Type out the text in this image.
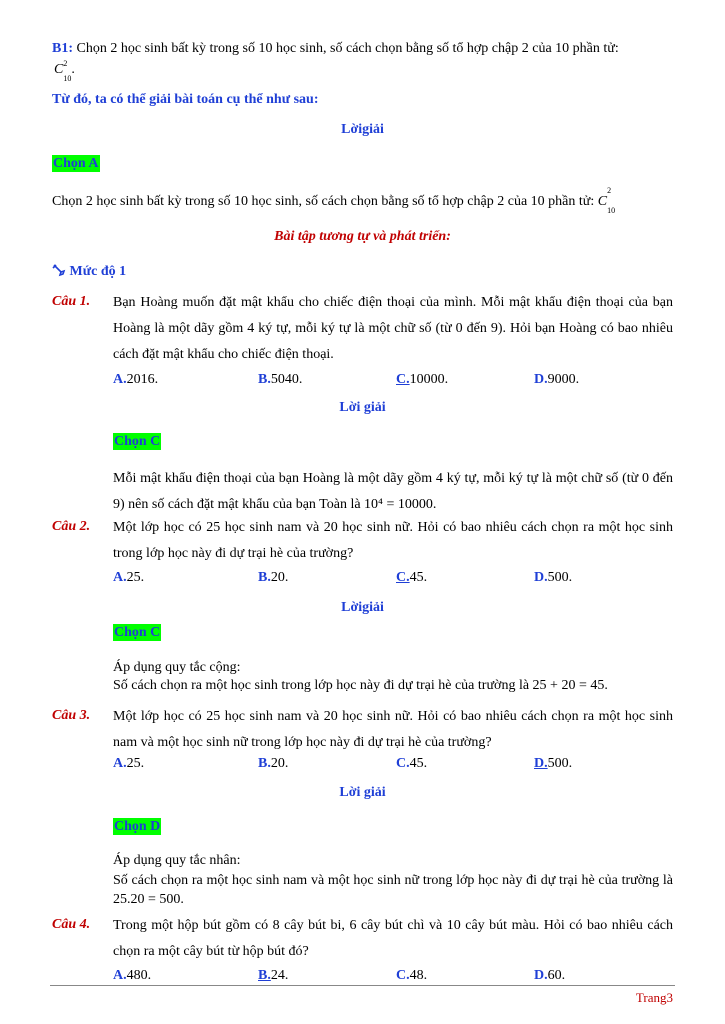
B1: Chọn 2 học sinh bất kỳ trong số 10 học sinh, số cách chọn bằng số tổ hợp chập 2 của 10 phần tử:
C 2
$_{10}$.
Từ đó, ta có thể giải bài toán cụ thể như sau:
Lờigiải
Chọn A
Chọn 2 học sinh bất kỳ trong số 10 học sinh, số cách chọn bằng số tổ hợp chập 2 của 10 phần tử: C
2
$_{10}$
Bài tập tương tự và phát triển:
Mức độ 1
Câu 1.	Bạn Hoàng muốn đặt mật khẩu cho chiếc điện thoại của mình. Mỗi mật khẩu điện thoại của bạn Hoàng là một dãy gồm 4 ký tự, mỗi ký tự là một chữ số (từ 0 đến 9). Hỏi bạn Hoàng có bao nhiêu cách đặt mật khẩu cho chiếc điện thoại.
A.2016.	B.5040.	C.10000.	D.9000.
Lời giải
Chọn C
Mỗi mật khẩu điện thoại của bạn Hoàng là một dãy gồm 4 ký tự, mỗi ký tự là một chữ số (từ 0 đến 9) nên số cách đặt mật khẩu của bạn Toàn là 10⁴ = 10000.
Câu 2.	Một lớp học có 25 học sinh nam và 20 học sinh nữ. Hỏi có bao nhiêu cách chọn ra một học sinh trong lớp học này đi dự trại hè của trường?
A.25.	B.20.	C.45.	D.500.
Lờigiải
Chọn C
Áp dụng quy tắc cộng:
Số cách chọn ra một học sinh trong lớp học này đi dự trại hè của trường là 25 + 20 = 45.
Câu 3.	Một lớp học có 25 học sinh nam và 20 học sinh nữ. Hỏi có bao nhiêu cách chọn ra một học sinh nam và một học sinh nữ trong lớp học này đi dự trại hè của trường?
A.25.	B.20.	C.45.	D.500.
Lời giải
Chọn D
Áp dụng quy tắc nhân:
Số cách chọn ra một học sinh nam và một học sinh nữ trong lớp học này đi dự trại hè của trường là 25.20 = 500.
Câu 4.	Trong một hộp bút gồm có 8 cây bút bi, 6 cây bút chì và 10 cây bút màu. Hỏi có bao nhiêu cách chọn ra một cây bút từ hộp bút đó?
A.480.	B.24.	C.48.	D.60.
Trang3
